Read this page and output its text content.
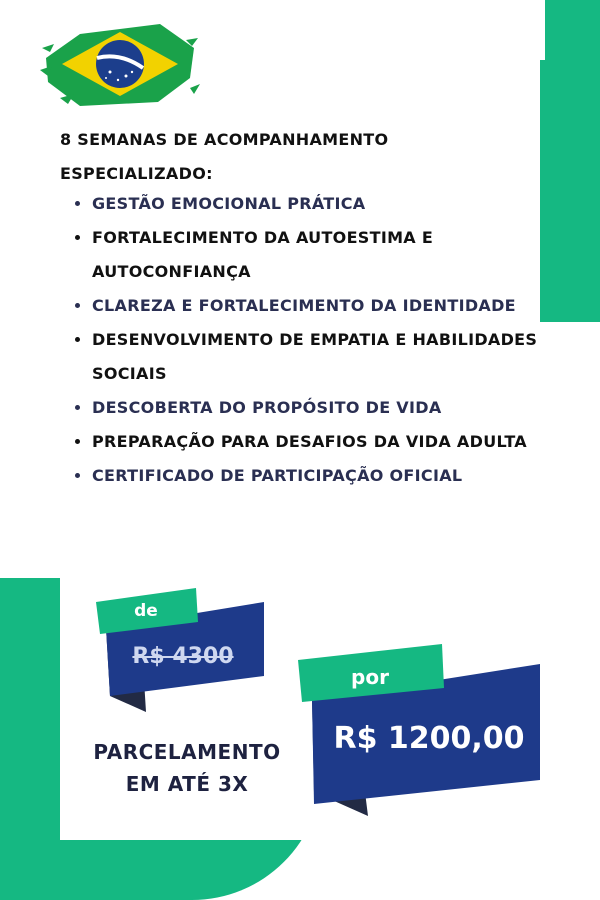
8 SEMANAS DE ACOMPANHAMENTO ESPECIALIZADO:
• GESTÃO EMOCIONAL PRÁTICA
• FORTALECIMENTO DA AUTOESTIMA E AUTOCONFIANÇA
• CLAREZA E FORTALECIMENTO DA IDENTIDADE
• DESENVOLVIMENTO DE EMPATIA E HABILIDADES SOCIAIS
• DESCOBERTA DO PROPÓSITO DE VIDA
• PREPARAÇÃO PARA DESAFIOS DA VIDA ADULTA
• CERTIFICADO DE PARTICIPAÇÃO OFICIAL
de
R$ 4300
por
R$ 1200,00
PARCELAMENTO EM ATÉ 3X
